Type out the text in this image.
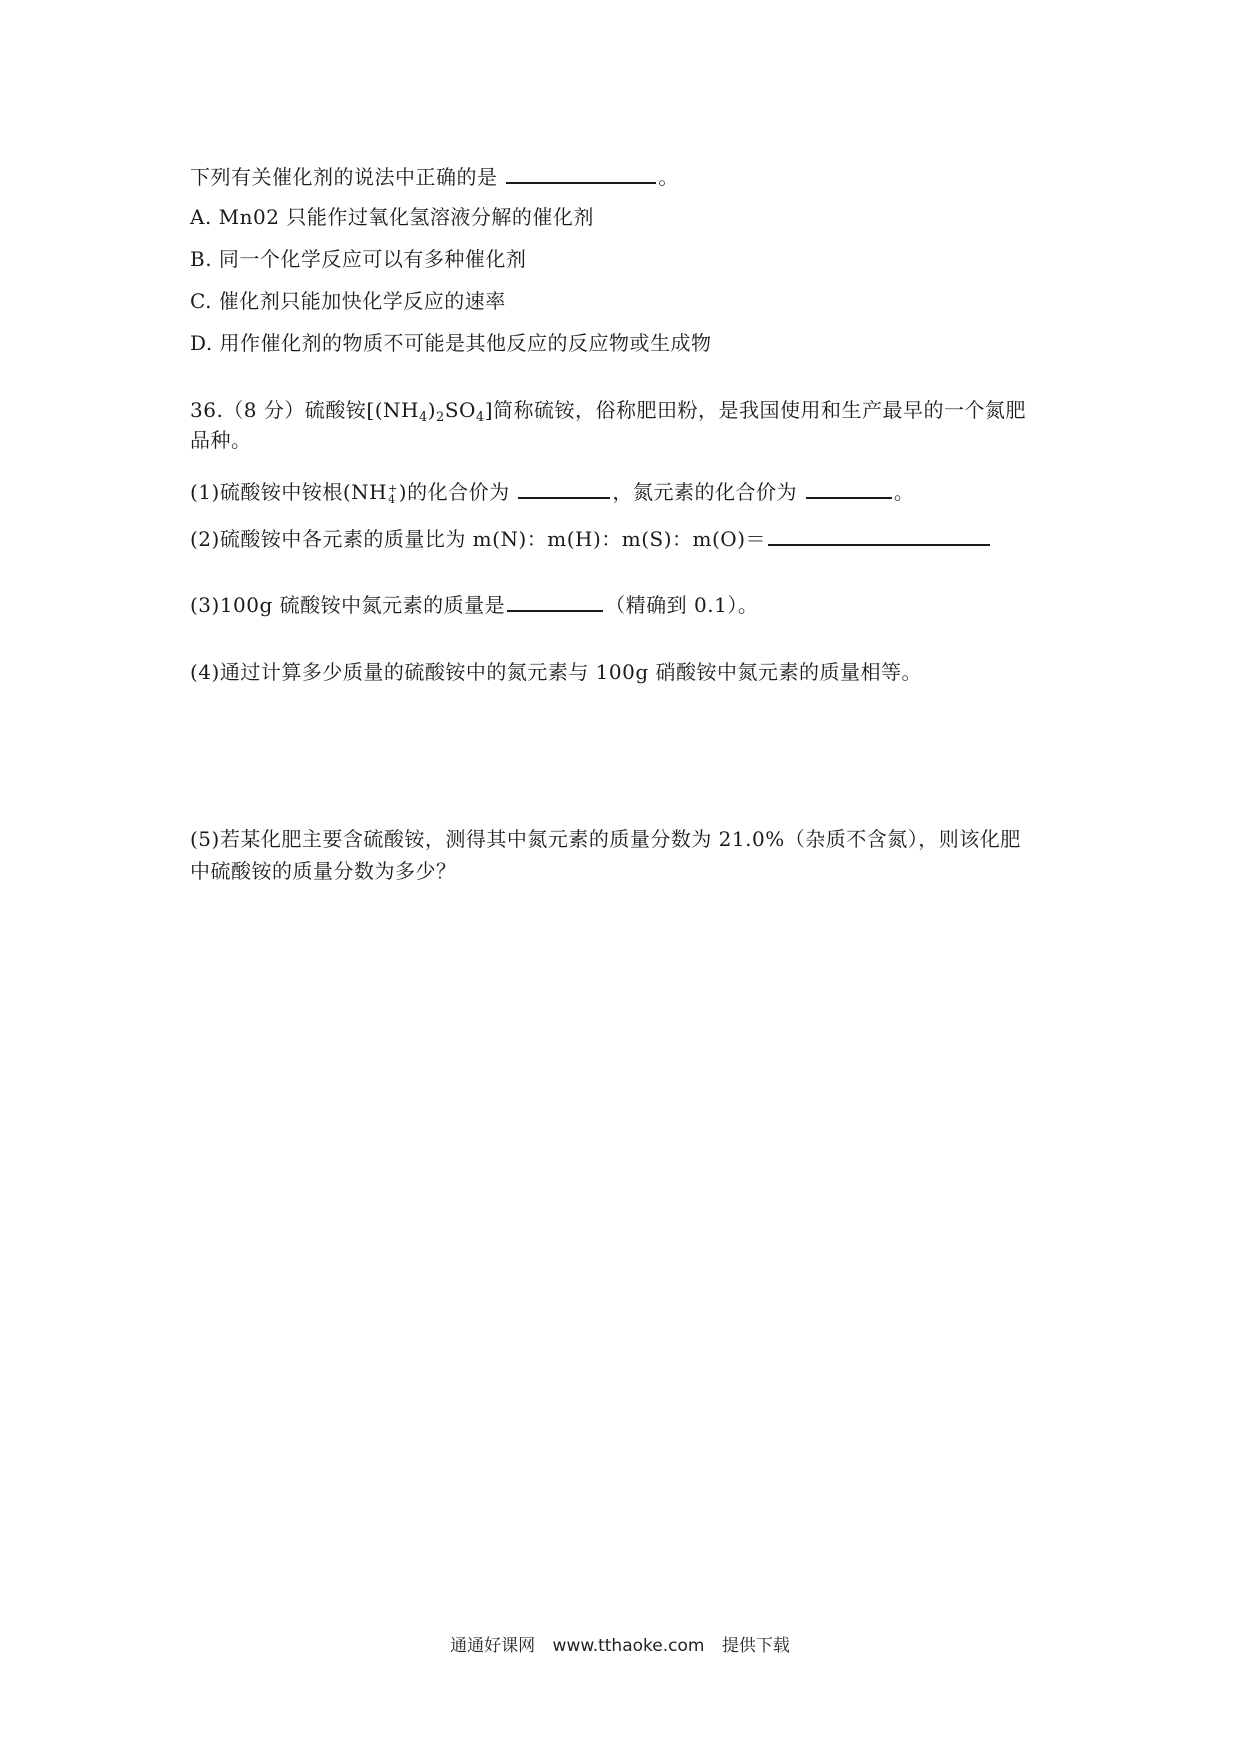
下列有关催化剂的说法中正确的是	。
A. Mn02 只能作过氧化氢溶液分解的催化剂
B. 同一个化学反应可以有多种催化剂
C. 催化剂只能加快化学反应的速率
D. 用作催化剂的物质不可能是其他反应的反应物或生成物
36.（8 分）硫酸铵$[(NH_4)_2SO_4]$简称硫铵，俗称肥田粉，是我国使用和生产最早的一个氮肥
品种。
(1)硫酸铵中铵根(NH +
4 )的化合价为	，氮元素的化合价为	。
(2)硫酸铵中各元素的质量比为 m(N)：m(H)：m(S)：m(O)＝
(3)100g 硫酸铵中氮元素的质量是	（精确到 0.1）。
(4)通过计算多少质量的硫酸铵中的氮元素与 100g 硝酸铵中氮元素的质量相等。
(5)若某化肥主要含硫酸铵，测得其中氮元素的质量分数为 21.0%（杂质不含氮），则该化肥
中硫酸铵的质量分数为多少？
通通好课网 www.tthaoke.com 提供下载
